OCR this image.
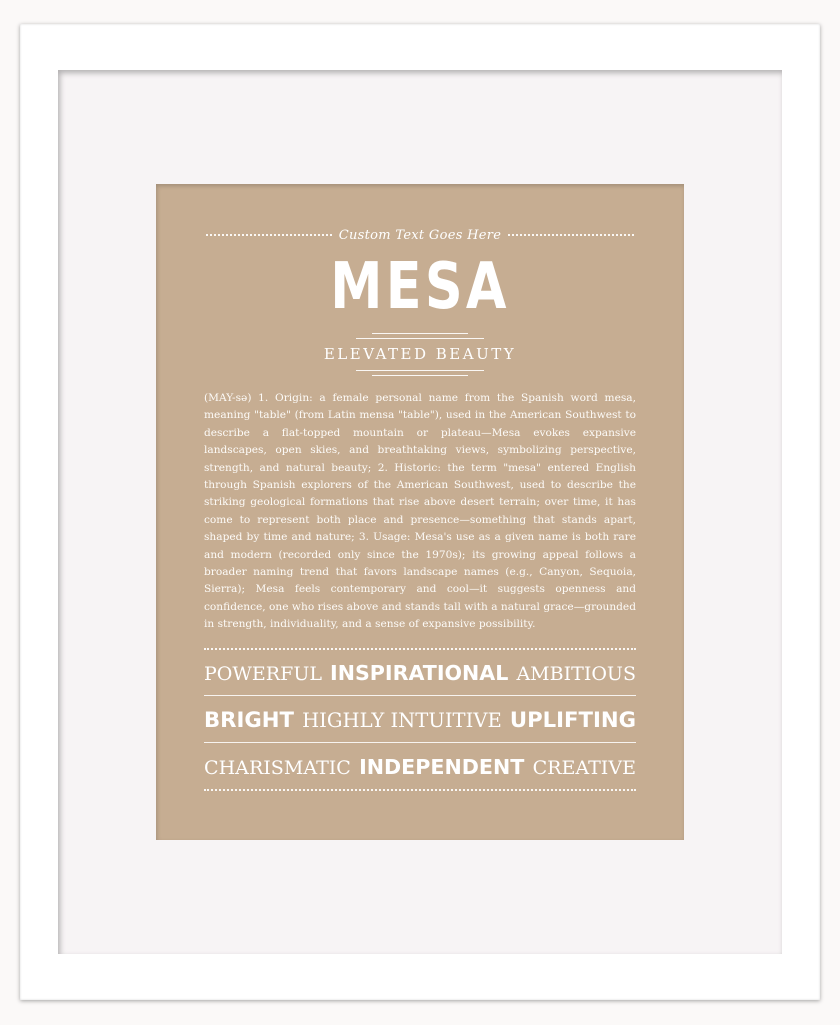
Custom Text Goes Here
MESA
ELEVATED BEAUTY
(MAY-sə) 1. Origin: a female personal name from the Spanish word mesa, meaning "table" (from Latin mensa "table"), used in the American Southwest to describe a flat-topped mountain or plateau—Mesa evokes expansive landscapes, open skies, and breathtaking views, symbolizing perspective, strength, and natural beauty; 2. Historic: the term "mesa" entered English through Spanish explorers of the American Southwest, used to describe the striking geological formations that rise above desert terrain; over time, it has come to represent both place and presence—something that stands apart, shaped by time and nature; 3. Usage: Mesa's use as a given name is both rare and modern (recorded only since the 1970s); its growing appeal follows a broader naming trend that favors landscape names (e.g., Canyon, Sequoia, Sierra); Mesa feels contemporary and cool—it suggests openness and confidence, one who rises above and stands tall with a natural grace—grounded in strength, individuality, and a sense of expansive possibility.
POWERFUL INSPIRATIONAL AMBITIOUS
BRIGHT HIGHLY INTUITIVE UPLIFTING
CHARISMATIC INDEPENDENT CREATIVE
